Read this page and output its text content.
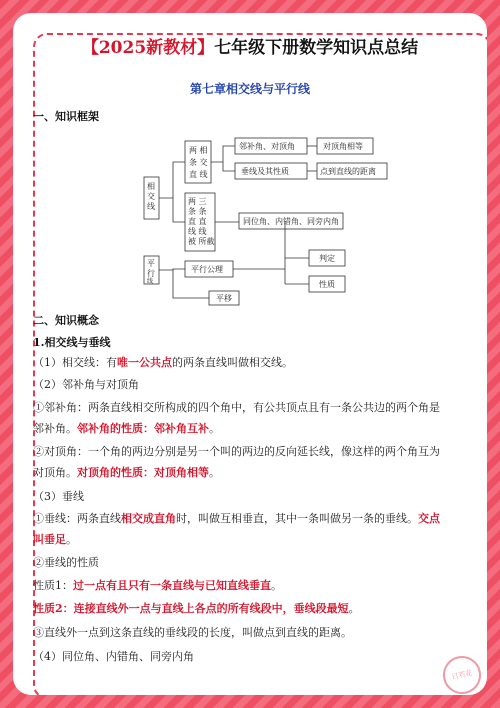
【2025新教材】七年级下册数学知识点总结
第七章相交线与平行线
一、知识框架
相
交
线
两 相
条 交
直 线
邻补角、对顶角	对顶角相等
垂线及其性质	点到直线的距离
两 三
条 条
直 直
线 线
被 所截
同位角、内错角、同旁内角
平
行
线
平行公理
判定
性质
平移
二、知识概念
1.相交线与垂线
（1）相交线：有唯一公共点的两条直线叫做相交线。
（2）邻补角与对顶角
①邻补角：两条直线相交所构成的四个角中，有公共顶点且有一条公共边的两个角是
邻补角。邻补角的性质：邻补角互补。
②对顶角：一个角的两边分别是另一个叫的两边的反向延长线，像这样的两个角互为
对顶角。对顶角的性质：对顶角相等。
（3）垂线
①垂线：两条直线相交成直角时，叫做互相垂直，其中一条叫做另一条的垂线。交点
叫垂足。
②垂线的性质
性质1：过一点有且只有一条直线与已知直线垂直。
性质2：连接直线外一点与直线上各点的所有线段中，垂线段最短。
③直线外一点到这条直线的垂线段的长度，叫做点到直线的距离。
（4）同位角、内错角、同旁内角
日若花
